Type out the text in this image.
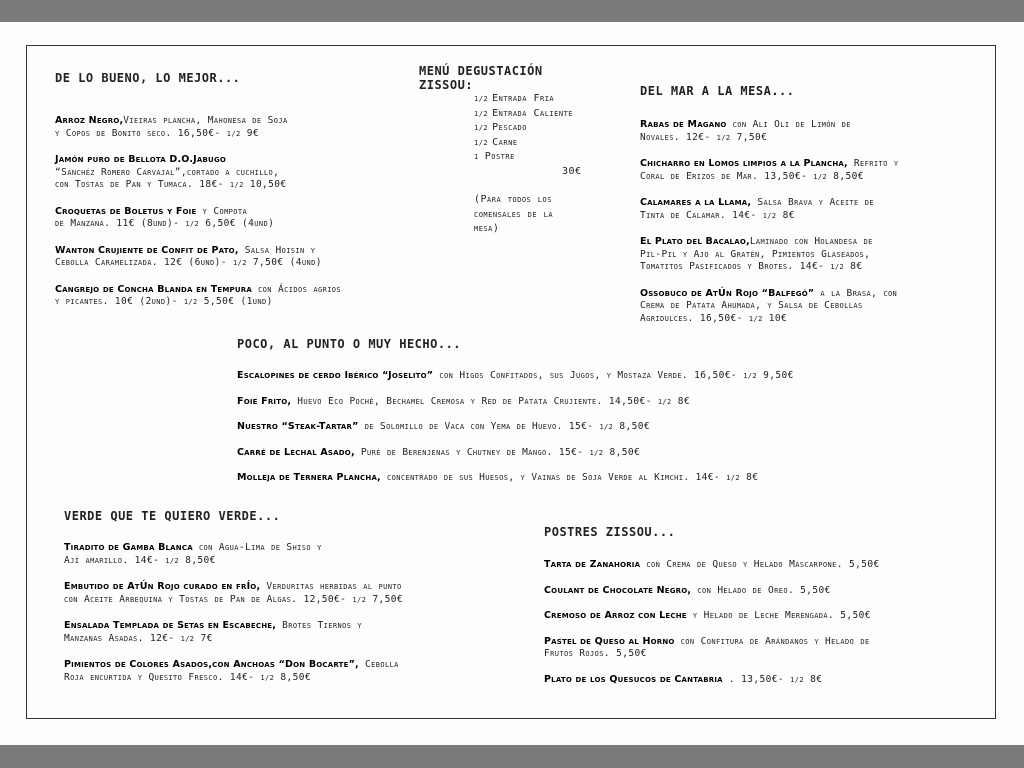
DE LO BUENO, LO MEJOR...

Arroz Negro,Vieiras plancha, Mahonesa de Soja
y Copos de Bonito seco. 16,50€- 1/2 9€

Jamón puro de Bellota D.O.Jabugo
“Sanchéz Romero Carvajal”,cortado a cuchillo,
con Tostas de Pan y Tumaca. 18€- 1/2 10,50€

Croquetas de Boletus y Foie y Compota
de Manzana. 11€ (8und)- 1/2 6,50€ (4und)

Wanton Crujiente de Confit de Pato, Salsa Hoisin y
Cebolla Caramelizada. 12€ (6und)- 1/2 7,50€ (4und)

Cangrejo de Concha Blanda en Tempura con Ácidos agrios
y picantes. 10€ (2und)- 1/2 5,50€ (1und)

MENÚ DEGUSTACIÓN

ZISSOU:

1/2 Entrada Fria
1/2 Entrada Caliente
1/2 Pescado
1/2 Carne
1 Postre
30€
(Para todos los
comensales de la
mesa)

DEL MAR A LA MESA...

Rabas de Magano con Ali Oli de Limón de
Novales. 12€- 1/2 7,50€

Chicharro en Lomos limpios a la Plancha, Refrito y
Coral de Erizos de Mar. 13,50€- 1/2 8,50€

Calamares a la Llama, Salsa Brava y Aceite de
Tinta de Calamar. 14€- 1/2 8€

El Plato del Bacalao,Laminado con Holandesa de
Pil-Pil y Ajo al Gratén, Pimientos Glaseados,
Tomatitos Pasificados y Brotes. 14€- 1/2 8€

Ossobuco de AtÚn Rojo “Balfegó” a la Brasa, con
Crema de Patata Ahumada, y Salsa de Cebollas
Agridulces. 16,50€- 1/2 10€

POCO, AL PUNTO O MUY HECHO...

Escalopines de cerdo Ibérico “Joselito” con Higos Confitados, sus Jugos, y Mostaza Verde. 16,50€- 1/2 9,50€

Foie Frito, Huevo Eco Poché, Bechamel Cremosa y Red de Patata Crujiente. 14,50€- 1/2 8€

Nuestro “Steak-Tartar” de Solomillo de Vaca con Yema de Huevo. 15€- 1/2 8,50€

Carré de Lechal Asado, Puré de Berenjenas y Chutney de Mango. 15€- 1/2 8,50€

Molleja de Ternera Plancha, concentrado de sus Huesos, y Vainas de Soja Verde al Kimchi. 14€- 1/2 8€

VERDE QUE TE QUIERO VERDE...

Tiradito de Gamba Blanca con Agua-Lima de Shiso y
Ají amarillo. 14€- 1/2 8,50€

Embutido de AtÚn Rojo curado en frÍo, Verduritas herbidas al punto
con Aceite Arbequina y Tostas de Pan de Algas. 12,50€- 1/2 7,50€

Ensalada Templada de Setas en Escabeche, Brotes Tiernos y
Manzanas Asadas. 12€- 1/2 7€

Pimientos de Colores Asados,con Anchoas “Don Bocarte”, Cebolla
Roja encurtida y Quesito Fresco. 14€- 1/2 8,50€

POSTRES ZISSOU...

Tarta de Zanahoria con Crema de Queso y Helado Mascarpone. 5,50€

Coulant de Chocolate Negro, con Helado de Oreo. 5,50€

Cremoso de Arroz con Leche y Helado de Leche Merengada. 5,50€

Pastel de Queso al Horno con Confitura de Arándanos y Helado de
Frutos Rojos. 5,50€

Plato de los Quesucos de Cantabria . 13,50€- 1/2 8€
